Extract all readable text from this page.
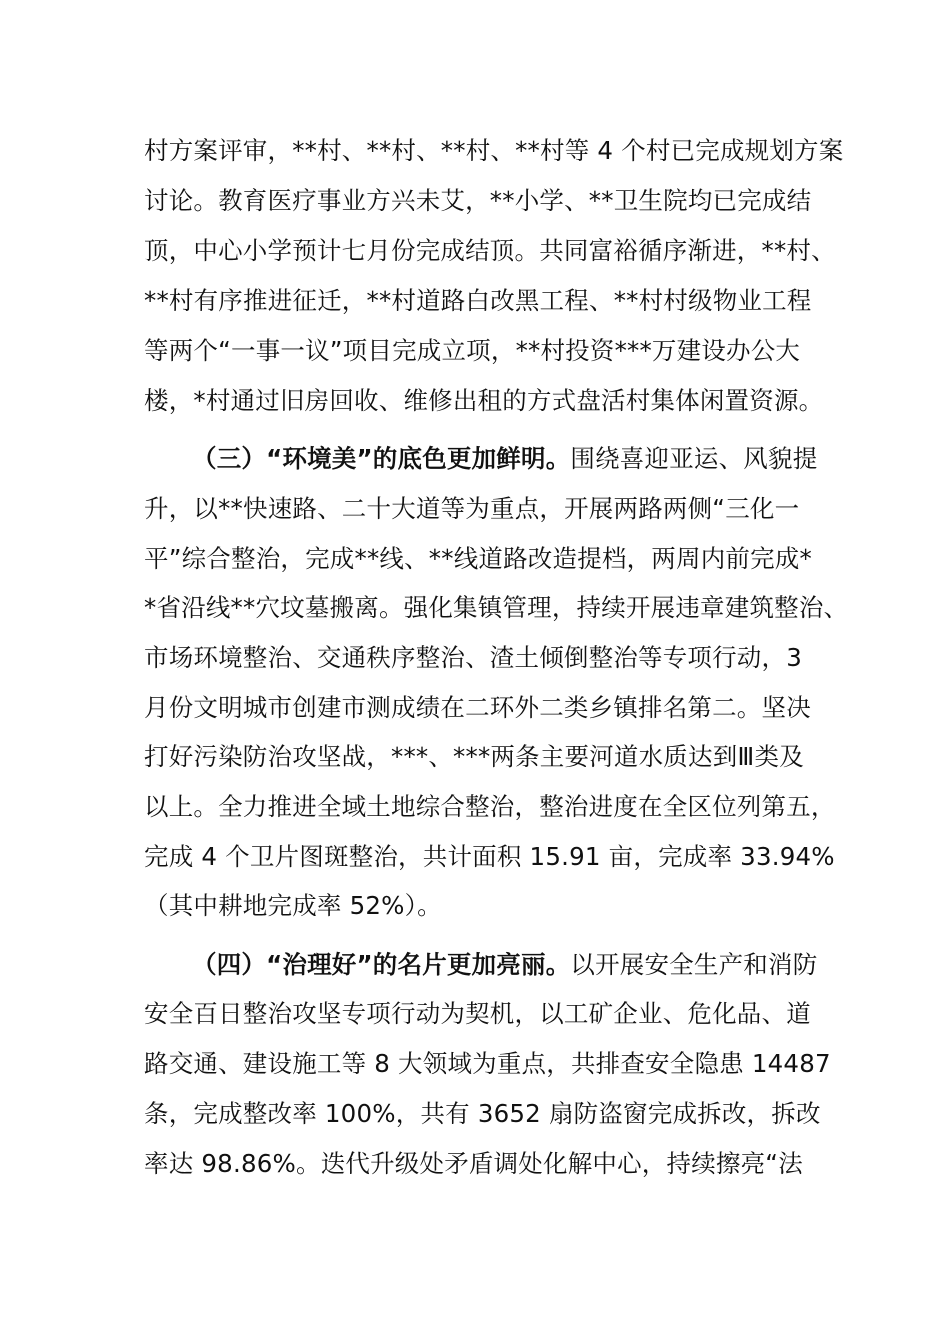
村方案评审，**村、**村、**村、**村等 4 个村已完成规划方案
讨论。教育医疗事业方兴未艾，**小学、**卫生院均已完成结
顶，中心小学预计七月份完成结顶。共同富裕循序渐进，**村、
**村有序推进征迁，**村道路白改黑工程、**村村级物业工程
等两个“一事一议”项目完成立项，**村投资***万建设办公大
楼，*村通过旧房回收、维修出租的方式盘活村集体闲置资源。
（三）“环境美”的底色更加鲜明。围绕喜迎亚运、风貌提
升，以**快速路、二十大道等为重点，开展两路两侧“三化一
平”综合整治，完成**线、**线道路改造提档，两周内前完成*
*省沿线**穴坟墓搬离。强化集镇管理，持续开展违章建筑整治、
市场环境整治、交通秩序整治、渣土倾倒整治等专项行动，3
月份文明城市创建市测成绩在二环外二类乡镇排名第二。坚决
打好污染防治攻坚战，***、***两条主要河道水质达到Ⅲ类及
以上。全力推进全域土地综合整治，整治进度在全区位列第五，
完成 4 个卫片图斑整治，共计面积 15.91 亩，完成率 33.94%
（其中耕地完成率 52%）。
（四）“治理好”的名片更加亮丽。以开展安全生产和消防
安全百日整治攻坚专项行动为契机，以工矿企业、危化品、道
路交通、建设施工等 8 大领域为重点，共排查安全隐患 14487
条，完成整改率 100%，共有 3652 扇防盗窗完成拆改，拆改
率达 98.86%。迭代升级处矛盾调处化解中心，持续擦亮“法
